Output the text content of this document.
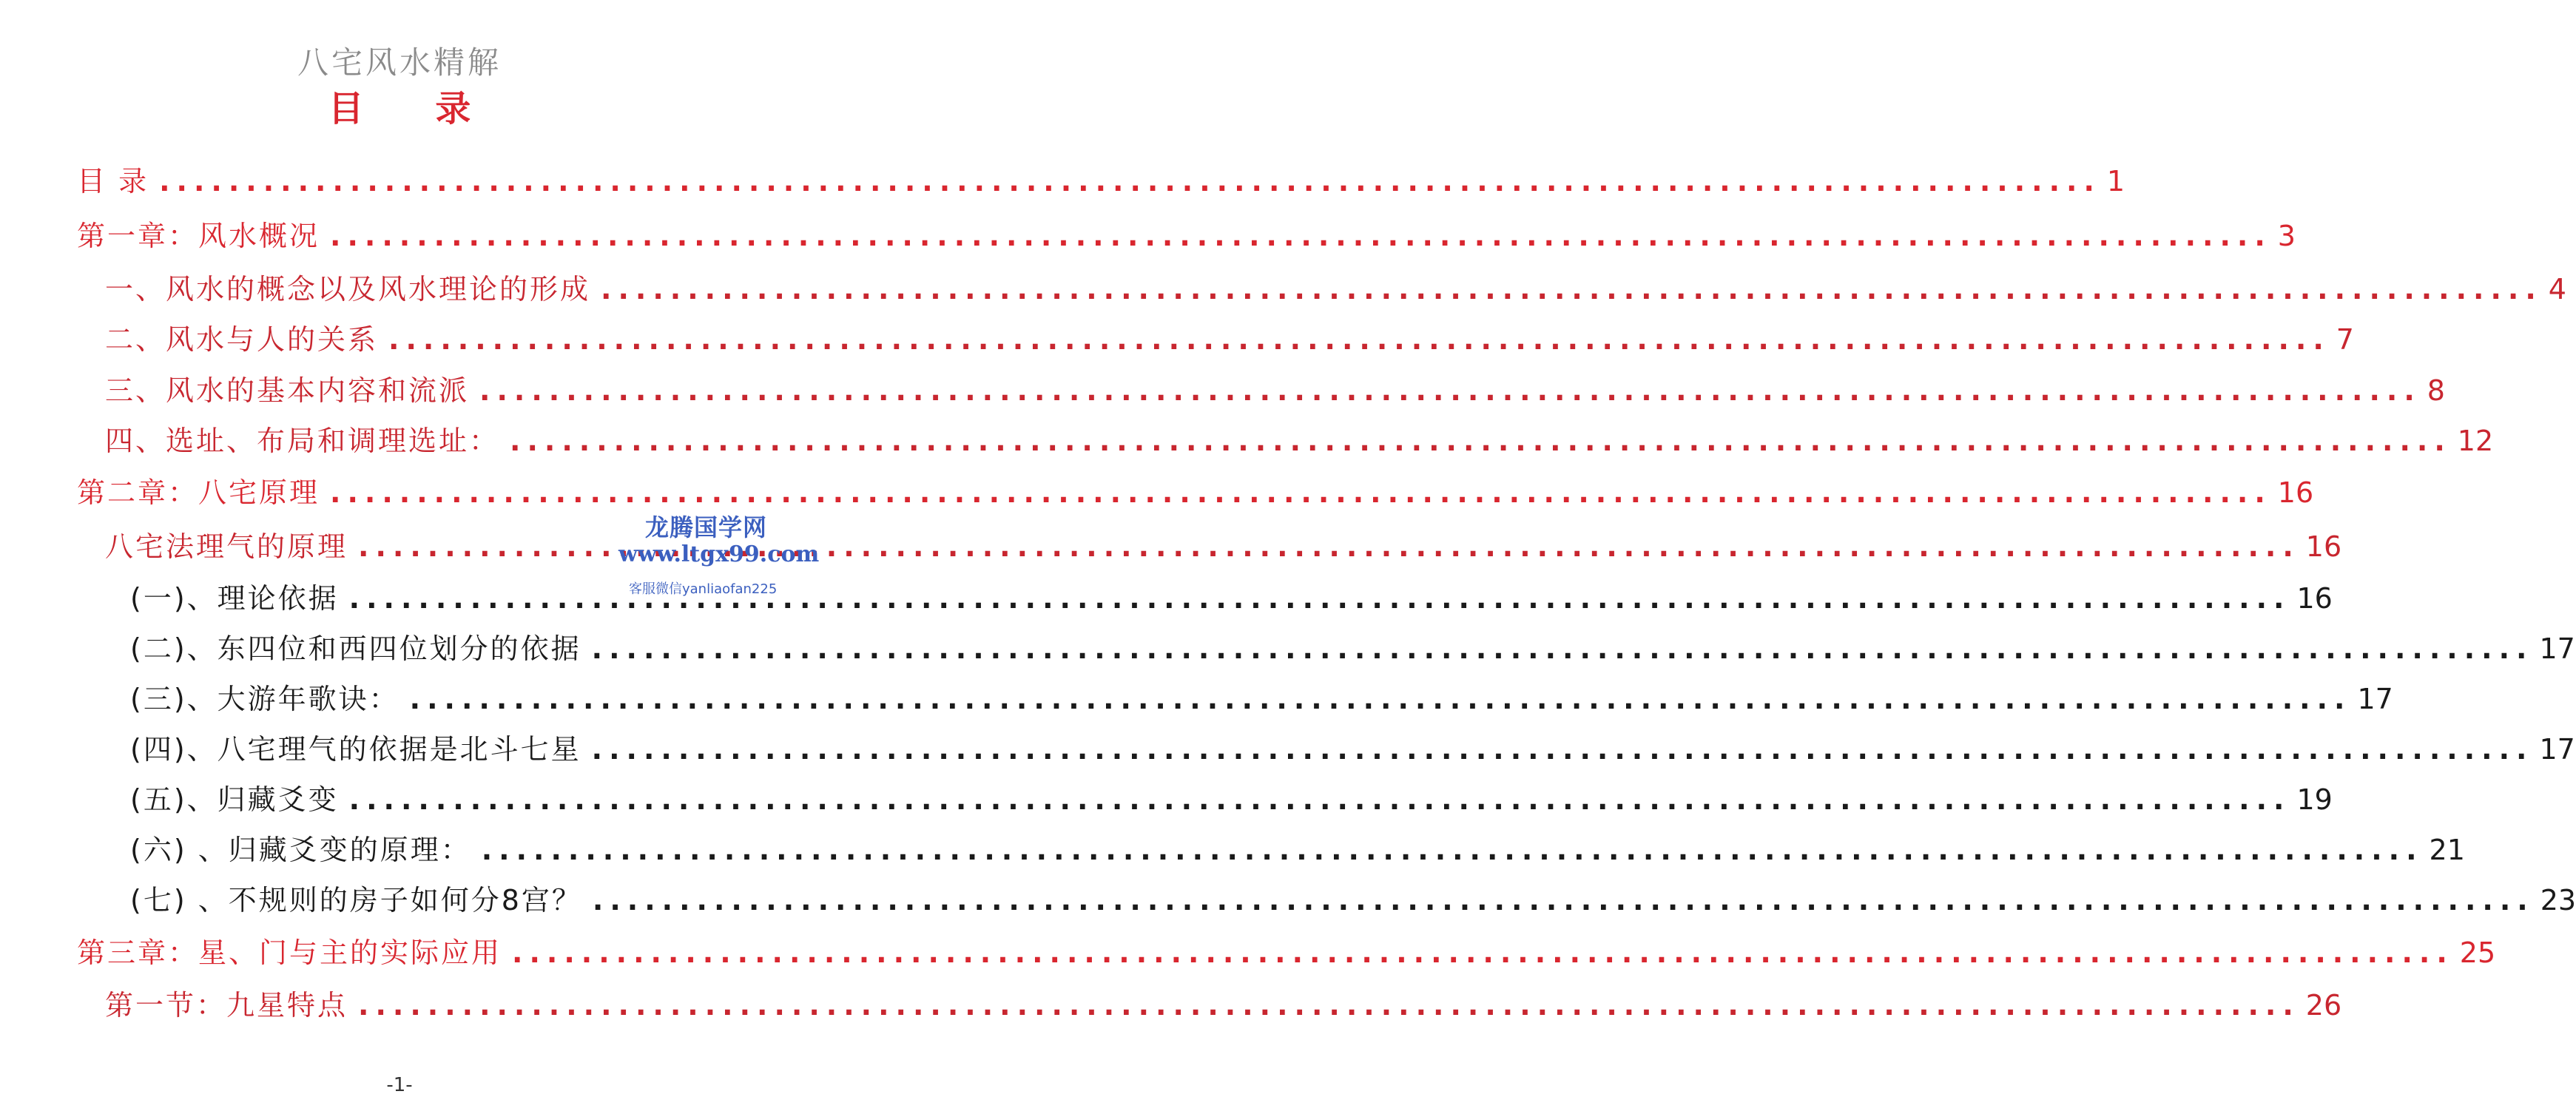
八宅风水精解
目 录
目 录 .....	1
第一章：风水概况 .....	3
一、风水的概念以及风水理论的形成 .....	4
二、风水与人的关系 .....	7
三、风水的基本内容和流派 .....	8
四、选址、布局和调理选址： .....	12
第二章：八宅原理 .....	16
八宅法理气的原理 .....	16
(一)、理论依据 .....	16
(二)、东四位和西四位划分的依据 .....	17
(三)、大游年歌诀： .....	17
(四)、八宅理气的依据是北斗七星 .....	17
(五)、归藏爻变 .....	19
(六) 、归藏爻变的原理： .....	21
(七) 、不规则的房子如何分8宫？ .....	23
第三章：星、门与主的实际应用 .....	25
第一节：九星特点 .....	26
龙腾国学网
www.ltgx99.com
客服微信yanliaofan225
-1-
